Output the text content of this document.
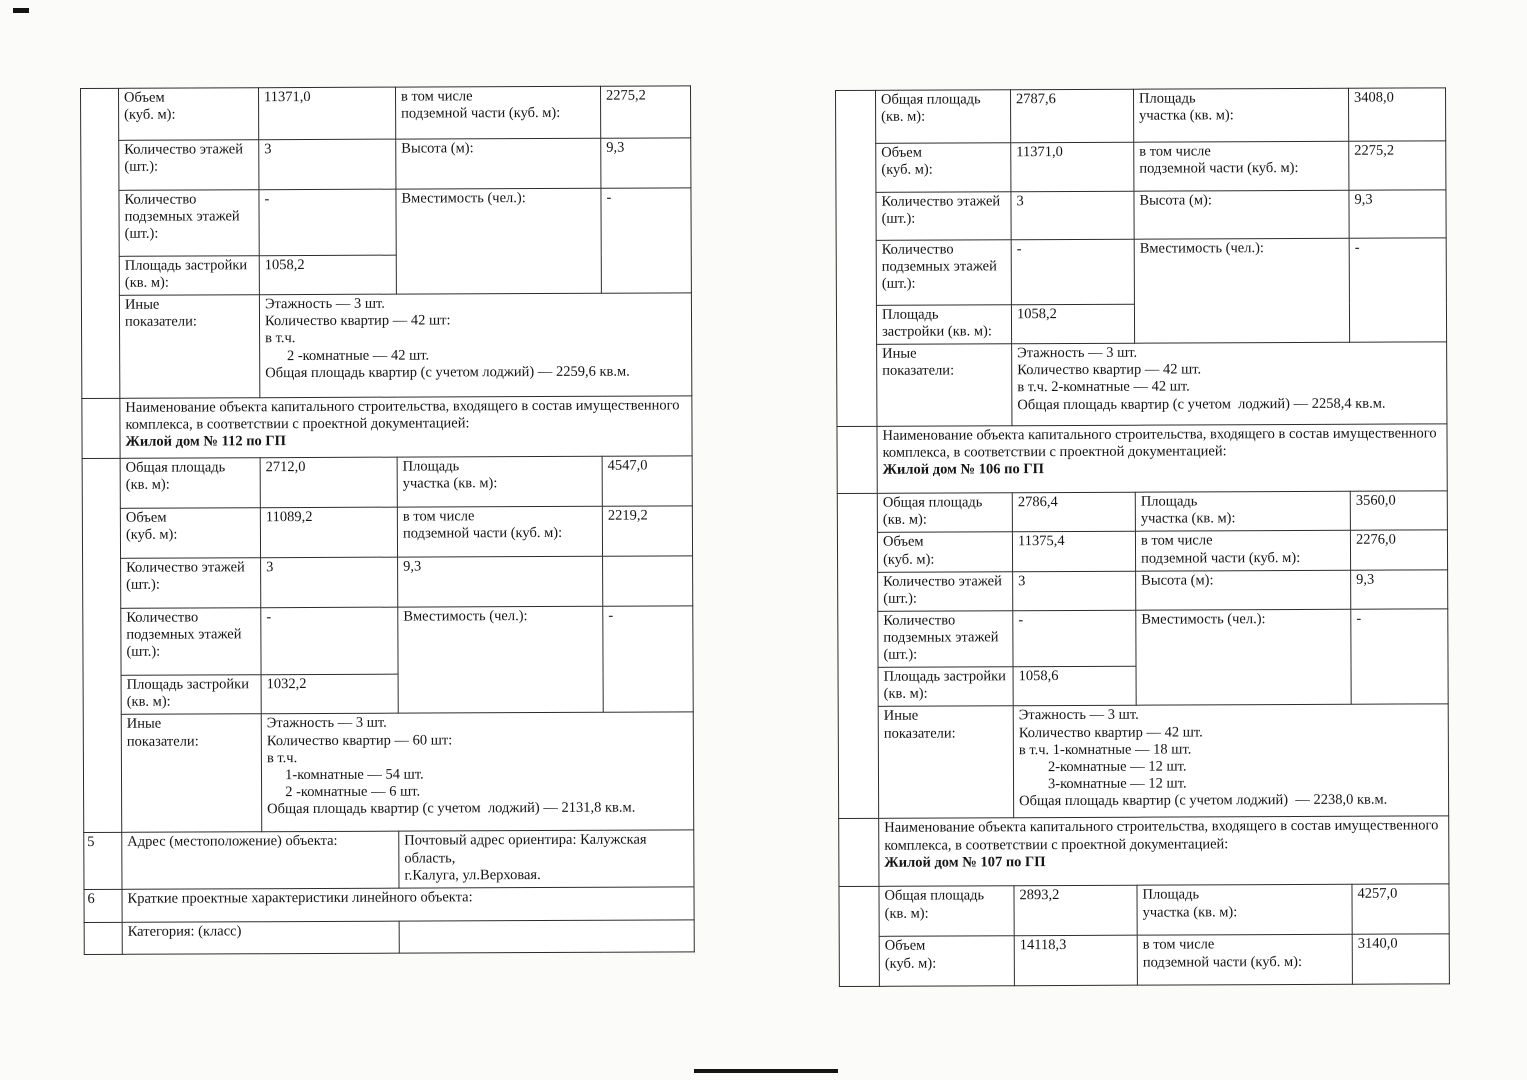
	Объем
(куб. м):	11371,0	в том числе
подземной части (куб. м):	2275,2
	Количество этажей
(шт.):	3	Высота (м):	9,3
	Количество
подземных этажей
(шт.):	-	Вместимость (чел.):	-
	Площадь застройки
(кв. м):	1058,2		
	Иные
показатели:	Этажность — 3 шт.
Количество квартир — 42 шт:
в т.ч.
2 -комнатные — 42 шт.
Общая площадь квартир (с учетом лоджий) — 2259,6 кв.м.		
	Наименование объекта капитального строительства, входящего в состав имущественного комплекса, в соответствии с проектной документацией:
Жилой дом № 112 по ГП			

	Общая площадь
(кв. м):	2712,0	Площадь
участка (кв. м):	4547,0
	Объем
(куб. м):	11089,2	в том числе
подземной части (куб. м):	2219,2
	Количество этажей
(шт.):	3	9,3	
	Количество
подземных этажей
(шт.):	-	Вместимость (чел.):	-
	Площадь застройки
(кв. м):	1032,2		
Иные
показатели:	Этажность — 3 шт.
Количество квартир — 60 шт:
в т.ч.
1-комнатные — 54 шт.
2 -комнатные — 6 шт.
Общая площадь квартир (с учетом  лоджий) — 2131,8 кв.м.
5	Адрес (местоположение) объекта:		Почтовый адрес ориентира: Калужская область,
г.Калуга, ул.Верховая.	
6	Краткие проектные характеристики линейного объекта:			
	Категория: (класс)			
	Общая площадь
(кв. м):	2787,6	Площадь
участка (кв. м):	3408,0
	Объем
(куб. м):	11371,0	в том числе
подземной части (куб. м):	2275,2
	Количество этажей
(шт.):	3	Высота (м):	9,3
	Количество
подземных этажей
(шт.):	-	Вместимость (чел.):	-
	Площадь
застройки (кв. м):	1058,2		
	Иные
показатели:	Этажность — 3 шт.
Количество квартир — 42 шт.
в т.ч. 2-комнатные — 42 шт.
Общая площадь квартир (с учетом  лоджий) — 2258,4 кв.м.		
	Наименование объекта капитального строительства, входящего в состав имущественного комплекса, в соответствии с проектной документацией:
Жилой дом № 106 по ГП			

	Общая площадь
(кв. м):	2786,4	Площадь
участка (кв. м):	3560,0
	Объем
(куб. м):	11375,4	в том числе
подземной части (куб. м):	2276,0
	Количество этажей
(шт.):	3	Высота (м):	9,3
	Количество
подземных этажей
(шт.):	-	Вместимость (чел.):	-
	Площадь застройки
(кв. м):	1058,6		
Иные
показатели:	Этажность — 3 шт.
Количество квартир — 42 шт.
в т.ч. 1-комнатные — 18 шт.
2-комнатные — 12 шт.
3-комнатные — 12 шт.
Общая площадь квартир (с учетом лоджий)  — 2238,0 кв.м.
	Наименование объекта капитального строительства, входящего в состав имущественного комплекса, в соответствии с проектной документацией:
Жилой дом № 107 по ГП			

	Общая площадь
(кв. м):	2893,2	Площадь
участка (кв. м):	4257,0
	Объем
(куб. м):	14118,3	в том числе
подземной части (куб. м):	3140,0
